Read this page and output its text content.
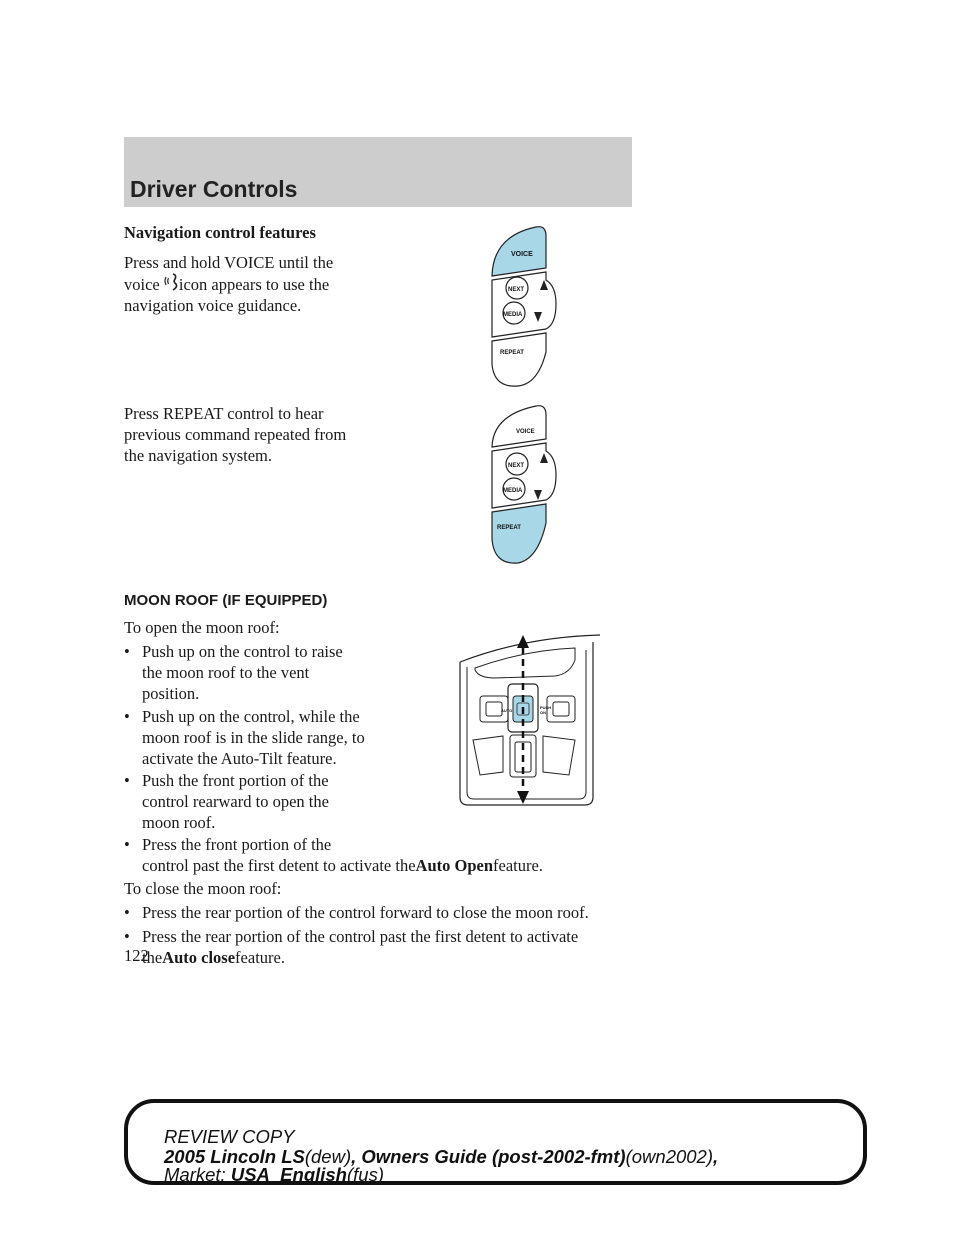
Driver Controls
Navigation control features
Press and hold VOICE until the
voice icon appears to use the
navigation voice guidance.
VOICE
NEXT
MEDIA
REPEAT
Press REPEAT control to hear
previous command repeated from
the navigation system.
VOICE
NEXT
MEDIA
REPEAT
MOON ROOF (IF EQUIPPED)
To open the moon roof:
• Push up on the control to raise
the moon roof to the vent
position.
• Push up on the control, while the
moon roof is in the slide range, to
activate the Auto-Tilt feature.
• Push the front portion of the
control rearward to open the
moon roof.
• Press the front portion of the
control past the first detent to activate theAuto Openfeature.
To close the moon roof:
• Press the rear portion of the control forward to close the moon roof.
• Press the rear portion of the control past the first detent to activate
theAuto closefeature.
AUTO
PUSH
ON
122
REVIEW COPY
2005 Lincoln LS(dew), Owners Guide (post-2002-fmt)(own2002),
Market: USA_English(fus)
